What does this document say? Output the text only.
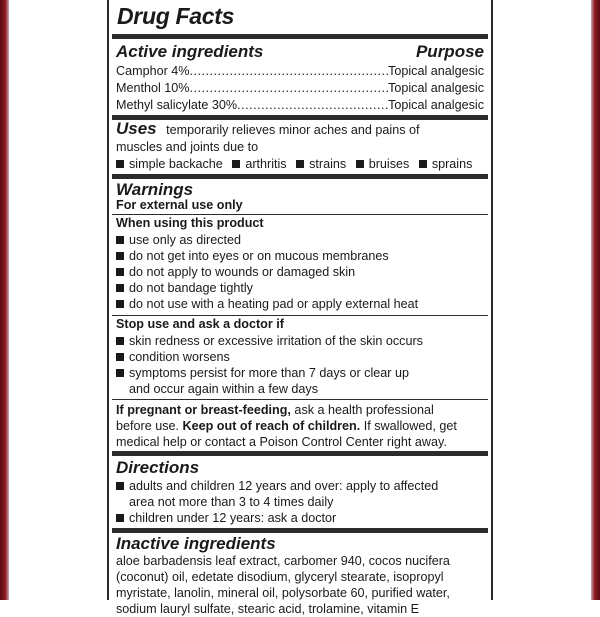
Drug Facts
Active ingredients	Purpose
Camphor 4% .....	Topical analgesic
Menthol 10% .....	Topical analgesic
Methyl salicylate 30% .....	Topical analgesic
Uses temporarily relieves minor aches and pains of
muscles and joints due to
simple backache arthritis strains bruises sprains
Warnings
For external use only
When using this product
use only as directed
do not get into eyes or on mucous membranes
do not apply to wounds or damaged skin
do not bandage tightly
do not use with a heating pad or apply external heat
Stop use and ask a doctor if
skin redness or excessive irritation of the skin occurs
condition worsens
symptoms persist for more than 7 days or clear up
and occur again within a few days
If pregnant or breast-feeding, ask a health professional
before use. Keep out of reach of children. If swallowed, get
medical help or contact a Poison Control Center right away.
Directions
adults and children 12 years and over: apply to affected
area not more than 3 to 4 times daily
children under 12 years: ask a doctor
Inactive ingredients
aloe barbadensis leaf extract, carbomer 940, cocos nucifera
(coconut) oil, edetate disodium, glyceryl stearate, isopropyl
myristate, lanolin, mineral oil, polysorbate 60, purified water,
sodium lauryl sulfate, stearic acid, trolamine, vitamin E
